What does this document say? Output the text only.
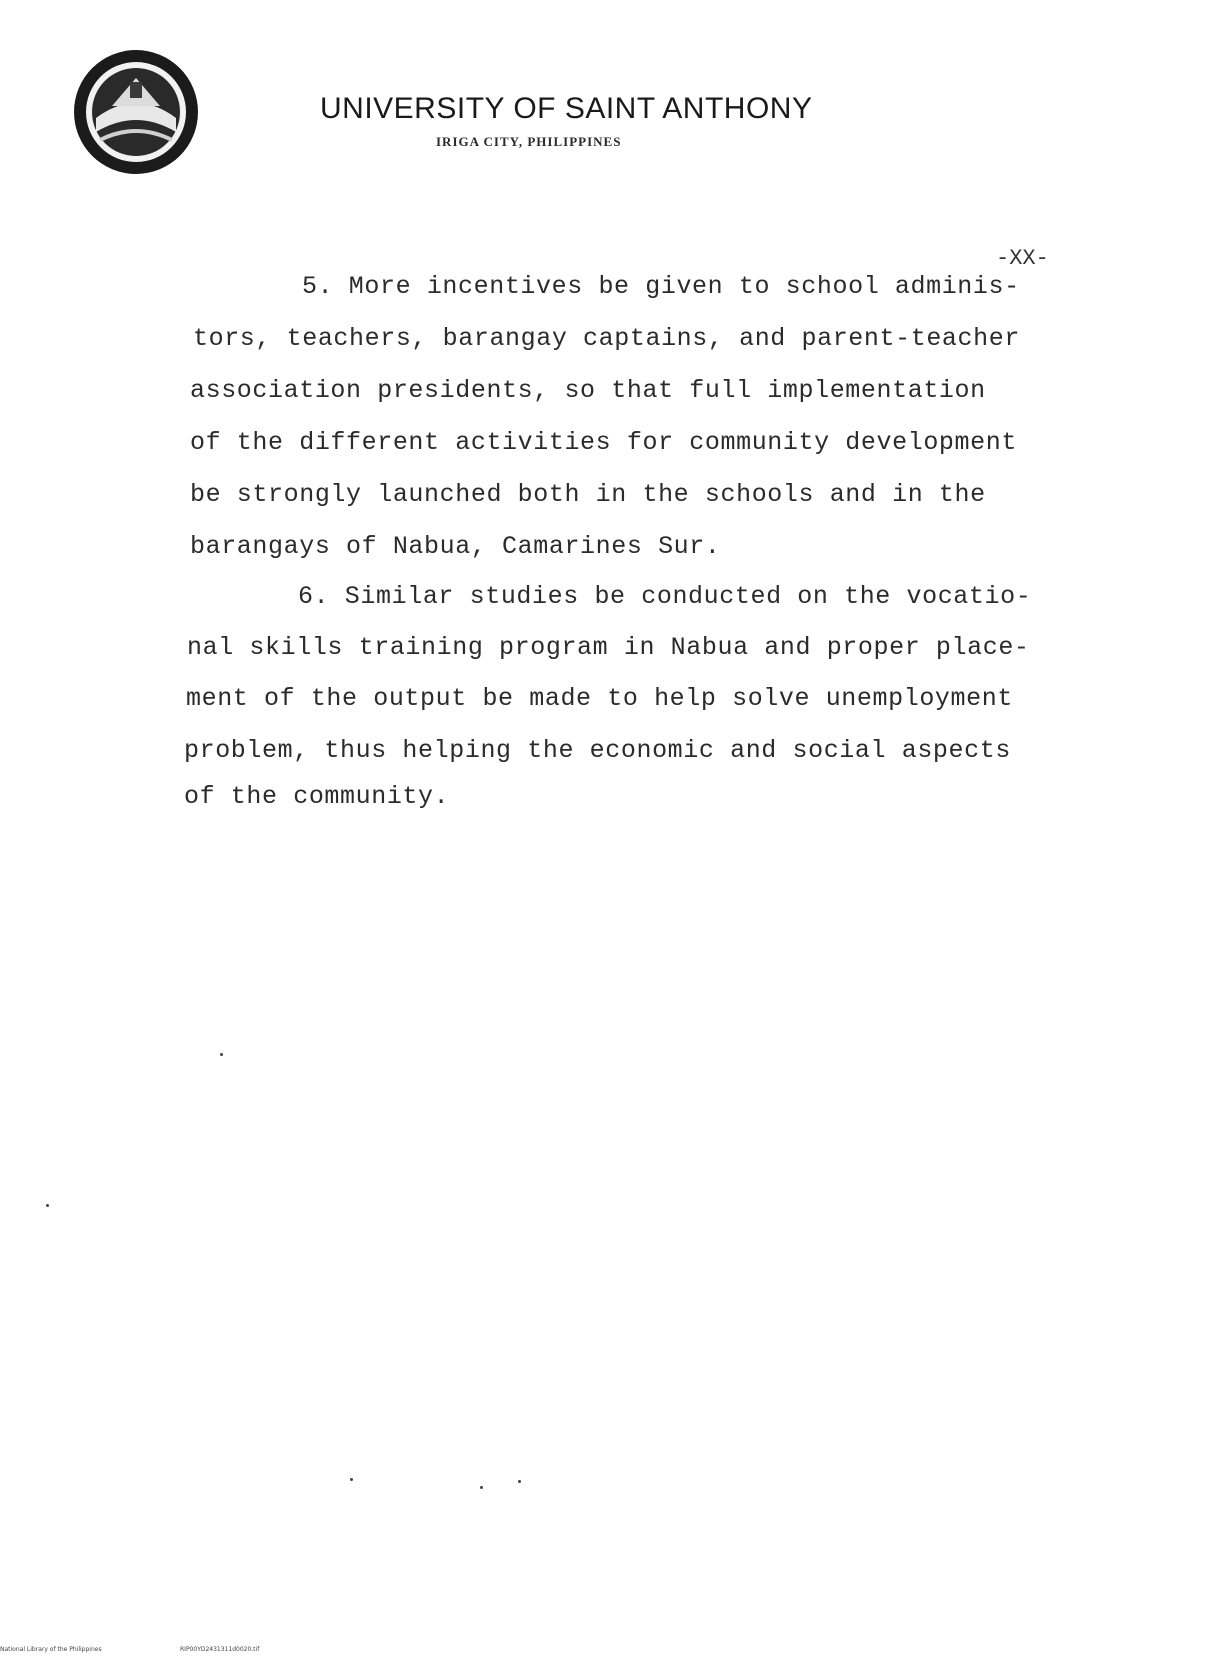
UNIVERSITY OF SAINT ANTHONY
IRIGA CITY, PHILIPPINES
-XX-
5. More incentives be given to school adminis-
tors, teachers, barangay captains, and parent-teacher
association presidents, so that full implementation
of the different activities for community development
be strongly launched both in the schools and in the
barangays of Nabua, Camarines Sur.
6. Similar studies be conducted on the vocatio-
nal skills training program in Nabua and proper place-
ment of the output be made to help solve unemployment
problem, thus helping the economic and social aspects
of the community.
National Library of the Philippines	RIP00YD2431311d0020.tif
